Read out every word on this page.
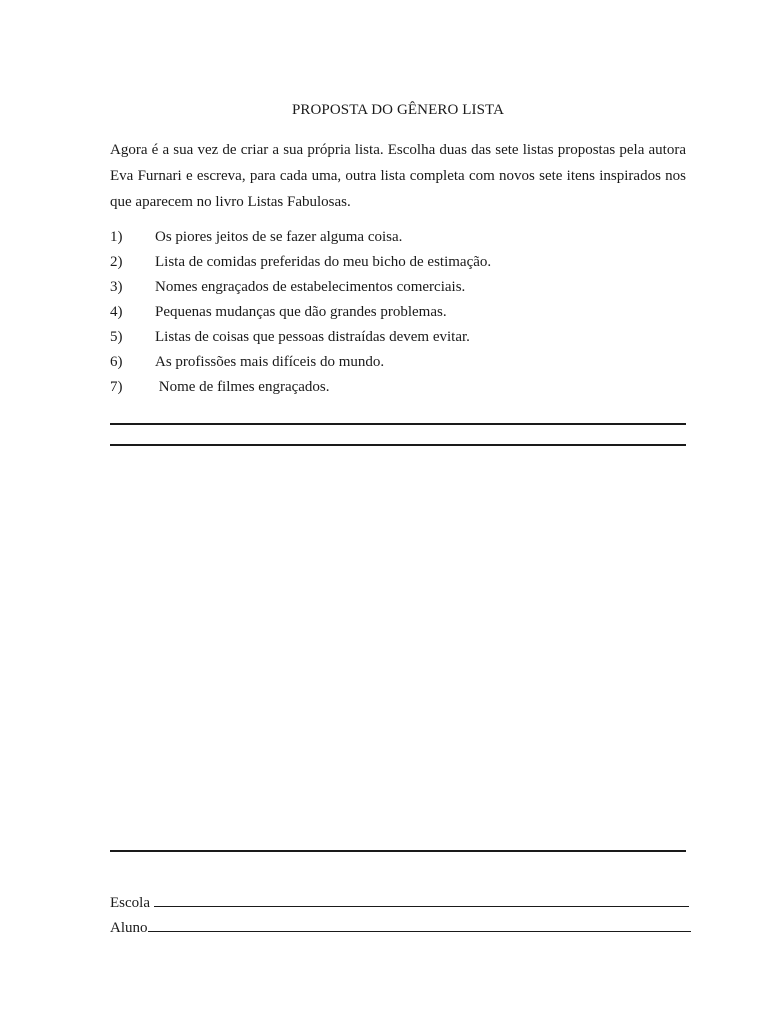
PROPOSTA DO GÊNERO LISTA

Agora é a sua vez de criar a sua própria lista. Escolha duas das sete listas propostas pela autora Eva Furnari e escreva, para cada uma, outra lista completa com novos sete itens inspirados nos que aparecem no livro Listas Fabulosas.

1) Os piores jeitos de se fazer alguma coisa.
2) Lista de comidas preferidas do meu bicho de estimação.
3) Nomes engraçados de estabelecimentos comerciais.
4) Pequenas mudanças que dão grandes problemas.
5) Listas de coisas que pessoas distraídas devem evitar.
6) As profissões mais difíceis do mundo.
7) Nome de filmes engraçados.
Escola
Aluno
